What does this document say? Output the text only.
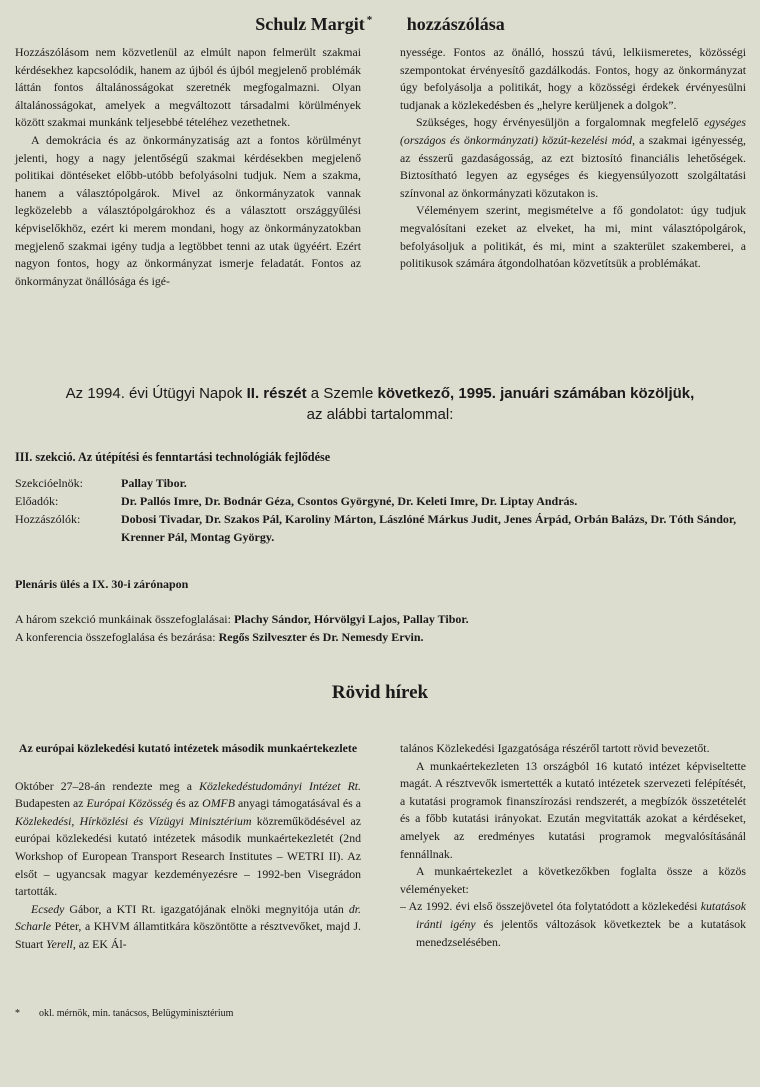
Schulz Margit * hozzászólása

Hozzászólásom nem közvetlenül az elmúlt napon felmerült szakmai kérdésekhez kapcsolódik, hanem az újból és újból megjelenő problémák láttán fontos általánosságokat szeretnék megfogalmazni. Olyan általánosságokat, amelyek a megváltozott társadalmi körülmények között szakmai munkánk teljesebbé tételéhez vezethetnek.

A demokrácia és az önkormányzatiság azt a fontos körülményt jelenti, hogy a nagy jelentőségű szakmai kérdésekben megjelenő politikai döntéseket előbb-utóbb befolyásolni tudjuk. Nem a szakma, hanem a választópolgárok. Mivel az önkormányzatok vannak legközelebb a választópolgárokhoz és a választott országgyűlési képviselőkhöz, ezért ki merem mondani, hogy az önkormányzatokban megjelenő szakmai igény tudja a legtöbbet tenni az utak ügyéért. Ezért nagyon fontos, hogy az önkormányzat ismerje feladatát. Fontos az önkormányzat önállósága és igé-

nyessége. Fontos az önálló, hosszú távú, lelkiismeretes, közösségi szempontokat érvényesítő gazdálkodás. Fontos, hogy az önkormányzat úgy befolyásolja a politikát, hogy a közösségi érdekek érvényesülni tudjanak a közlekedésben és „helyre kerüljenek a dolgok”.

Szükséges, hogy érvényesüljön a forgalomnak megfelelő egységes (országos és önkormányzati) közút-kezelési mód, a szakmai igényesség, az ésszerű gazdaságosság, az ezt biztosító financiális lehetőségek. Biztosítható legyen az egységes és kiegyensúlyozott szolgáltatási színvonal az önkormányzati közutakon is.

Véleményem szerint, megismételve a fő gondolatot: úgy tudjuk megvalósítani ezeket az elveket, ha mi, mint választópolgárok, befolyásoljuk a politikát, és mi, mint a szakterület szakemberei, a politikusok számára átgondolhatóan közvetítsük a problémákat.

Az 1994. évi Útügyi Napok II. részét a Szemle következő, 1995. januári számában közöljük,
az alábbi tartalommal:
III. szekció. Az útépítési és fenntartási technológiák fejlődése
Szekcióelnök:	Pallay Tibor.
Előadók:	Dr. Pallós Imre, Dr. Bodnár Géza, Csontos Györgyné, Dr. Keleti Imre, Dr. Liptay András.
Hozzászólók:	Dobosi Tivadar, Dr. Szakos Pál, Karoliny Márton, Lászlóné Márkus Judit, Jenes Árpád, Orbán Balázs, Dr. Tóth Sándor, Krenner Pál, Montag György.
Plenáris ülés a IX. 30-i zárónapon
A három szekció munkáinak összefoglalásai: Plachy Sándor, Hórvölgyi Lajos, Pallay Tibor.
A konferencia összefoglalása és bezárása: Regős Szilveszter és Dr. Nemesdy Ervin.
Rövid hírek

Az európai közlekedési kutató intézetek második munkaértekezlete

Október 27–28-án rendezte meg a Közlekedéstudományi Intézet Rt. Budapesten az Európai Közösség és az OMFB anyagi támogatásával és a Közlekedési, Hírközlési és Vízügyi Minisztérium közreműködésével az európai közlekedési kutató intézetek második munkaértekezletét (2nd Workshop of European Transport Research Institutes – WETRI II). Az elsőt – ugyancsak magyar kezdeményezésre – 1992-ben Visegrádon tartották.

Ecsedy Gábor, a KTI Rt. igazgatójának elnöki megnyitója után dr. Scharle Péter, a KHVM államtitkára köszöntötte a résztvevőket, majd J. Stuart Yerell, az EK Ál-

talános Közlekedési Igazgatósága részéről tartott rövid bevezetőt.

A munkaértekezleten 13 országból 16 kutató intézet képviseltette magát. A résztvevők ismertették a kutató intézetek szervezeti felépítését, a kutatási programok finanszírozási rendszerét, a megbízók összetételét és a főbb kutatási irányokat. Ezután megvitatták azokat a kérdéseket, amelyek az eredményes kutatási programok megvalósításánál fennállnak.

A munkaértekezlet a következőkben foglalta össze a közös véleményeket:

– Az 1992. évi első összejövetel óta folytatódott a közlekedési kutatások iránti igény és jelentős változások következtek be a kutatások menedzselésében.

* okl. mérnök, min. tanácsos, Belügyminisztérium
